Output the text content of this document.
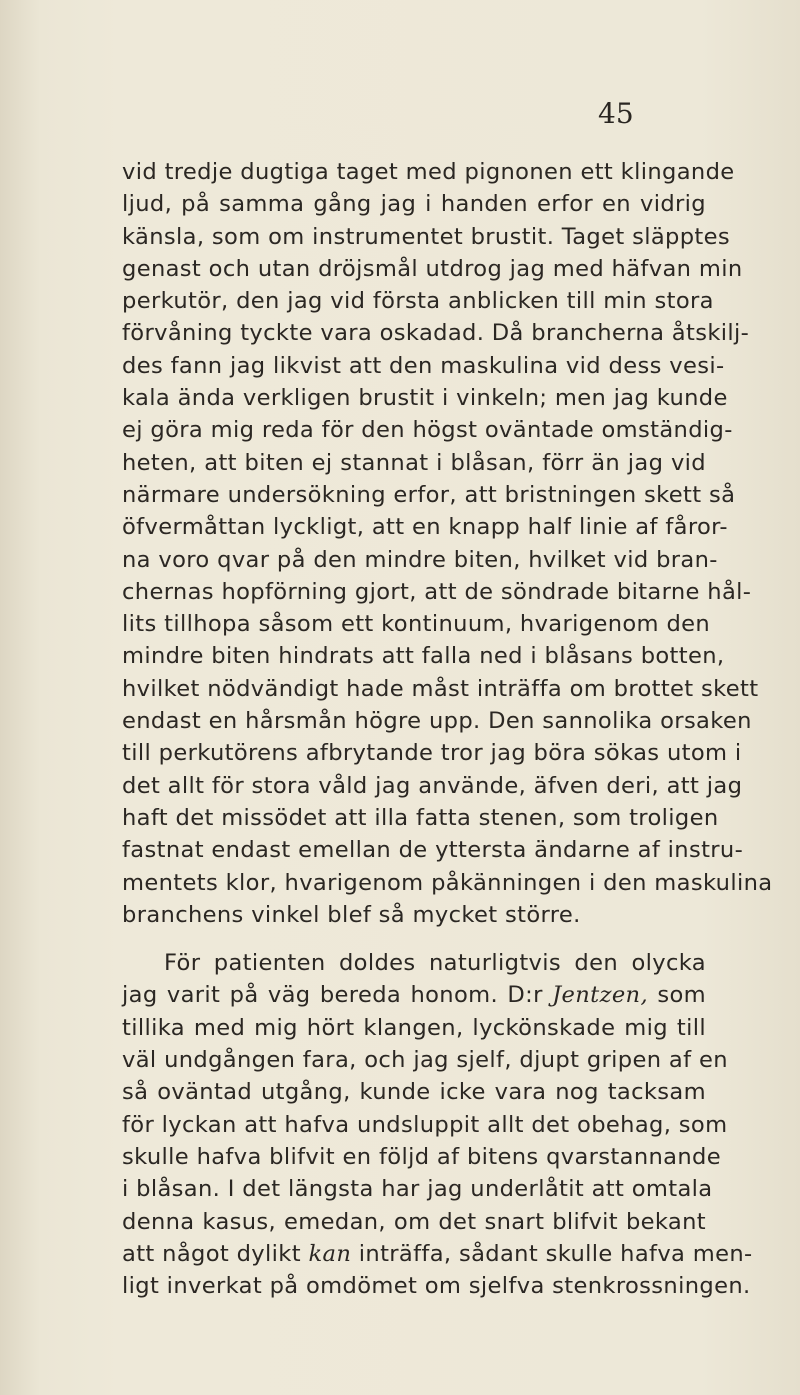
45
vid tredje dugtiga taget med pignonen ett klingande
ljud, på samma gång jag i handen erfor en vidrig
känsla, som om instrumentet brustit. Taget släpptes
genast och utan dröjsmål utdrog jag med häfvan min
perkutör, den jag vid första anblicken till min stora
förvåning tyckte vara oskadad. Då brancherna åtskilj-
des fann jag likvist att den maskulina vid dess vesi-
kala ända verkligen brustit i vinkeln; men jag kunde
ej göra mig reda för den högst oväntade omständig-
heten, att biten ej stannat i blåsan, förr än jag vid
närmare undersökning erfor, att bristningen skett så
öfvermåttan lyckligt, att en knapp half linie af fåror-
na voro qvar på den mindre biten, hvilket vid bran-
chernas hopförning gjort, att de söndrade bitarne hål-
lits tillhopa såsom ett kontinuum, hvarigenom den
mindre biten hindrats att falla ned i blåsans botten,
hvilket nödvändigt hade måst inträffa om brottet skett
endast en hårsmån högre upp. Den sannolika orsaken
till perkutörens afbrytande tror jag böra sökas utom i
det allt för stora våld jag använde, äfven deri, att jag
haft det missödet att illa fatta stenen, som troligen
fastnat endast emellan de yttersta ändarne af instru-
mentets klor, hvarigenom påkänningen i den maskulina
branchens vinkel blef så mycket större.
För patienten doldes naturligtvis den olycka
jag varit på väg bereda honom. D:r Jentzen, som
tillika med mig hört klangen, lyckönskade mig till
väl undgången fara, och jag sjelf, djupt gripen af en
så oväntad utgång, kunde icke vara nog tacksam
för lyckan att hafva undsluppit allt det obehag, som
skulle hafva blifvit en följd af bitens qvarstannande
i blåsan. I det längsta har jag underlåtit att omtala
denna kasus, emedan, om det snart blifvit bekant
att något dylikt kan inträffa, sådant skulle hafva men-
ligt inverkat på omdömet om sjelfva stenkrossningen.
